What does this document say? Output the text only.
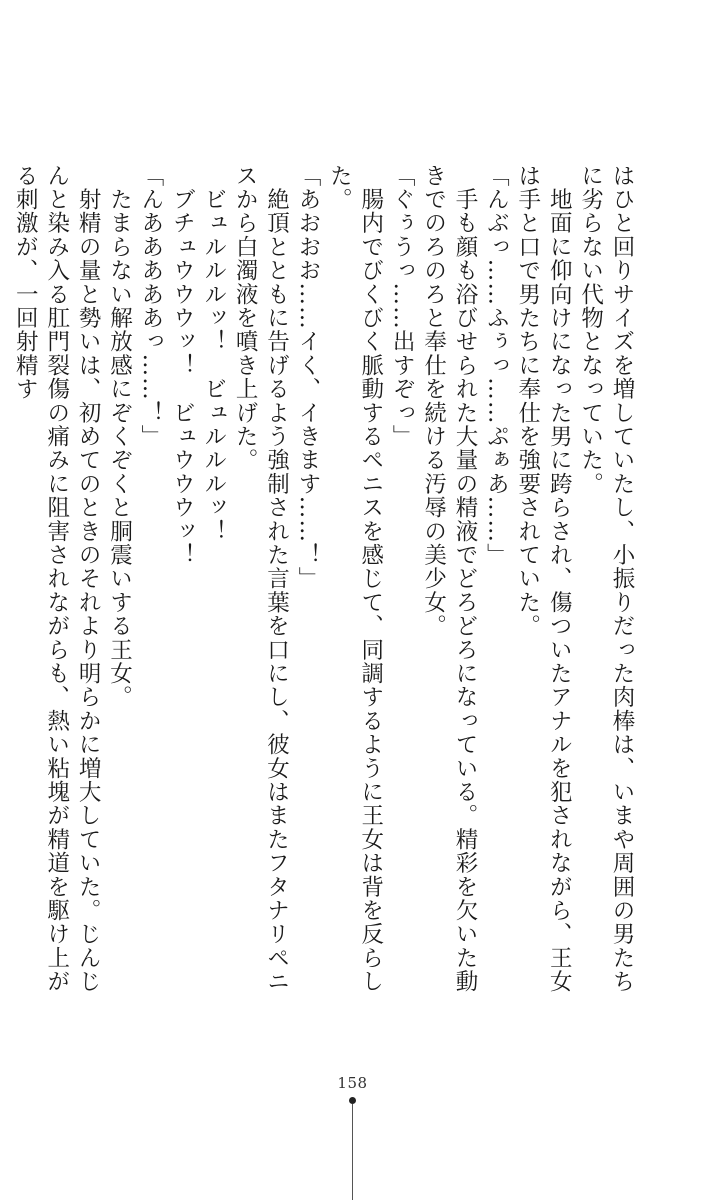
はひと回りサイズを増していたし、小振りだった肉棒は、いまや周囲の男たちに劣らない代物となっていた。

　地面に仰向けになった男に跨らされ、傷ついたアナルを犯されながら、王女は手と口で男たちに奉仕を強要されていた。

「んぶっ……ふぅっ……ぷぁあ……」

　手も顔も浴びせられた大量の精液でどろどろになっている。精彩を欠いた動きでのろのろと奉仕を続ける汚辱の美少女。

「ぐぅうっ……出すぞっ」

　腸内でびくびく脈動するペニスを感じて、同調するように王女は背を反らした。

「あおおお……イく、イきます……！」

　絶頂とともに告げるよう強制された言葉を口にし、彼女はまたフタナリペニスから白濁液を噴き上げた。

　ビュルルルッ！　ビュルルルッ！

　ブチュウウウッ！　ビュウウウッ！

「んあああああっ……！」

　たまらない解放感にぞくぞくと胴震いする王女。

　射精の量と勢いは、初めてのときのそれより明らかに増大していた。じんじんと染み入る肛門裂傷の痛みに阻害されながらも、熱い粘塊が精道を駆け上がる刺激が、一回射精す

158
